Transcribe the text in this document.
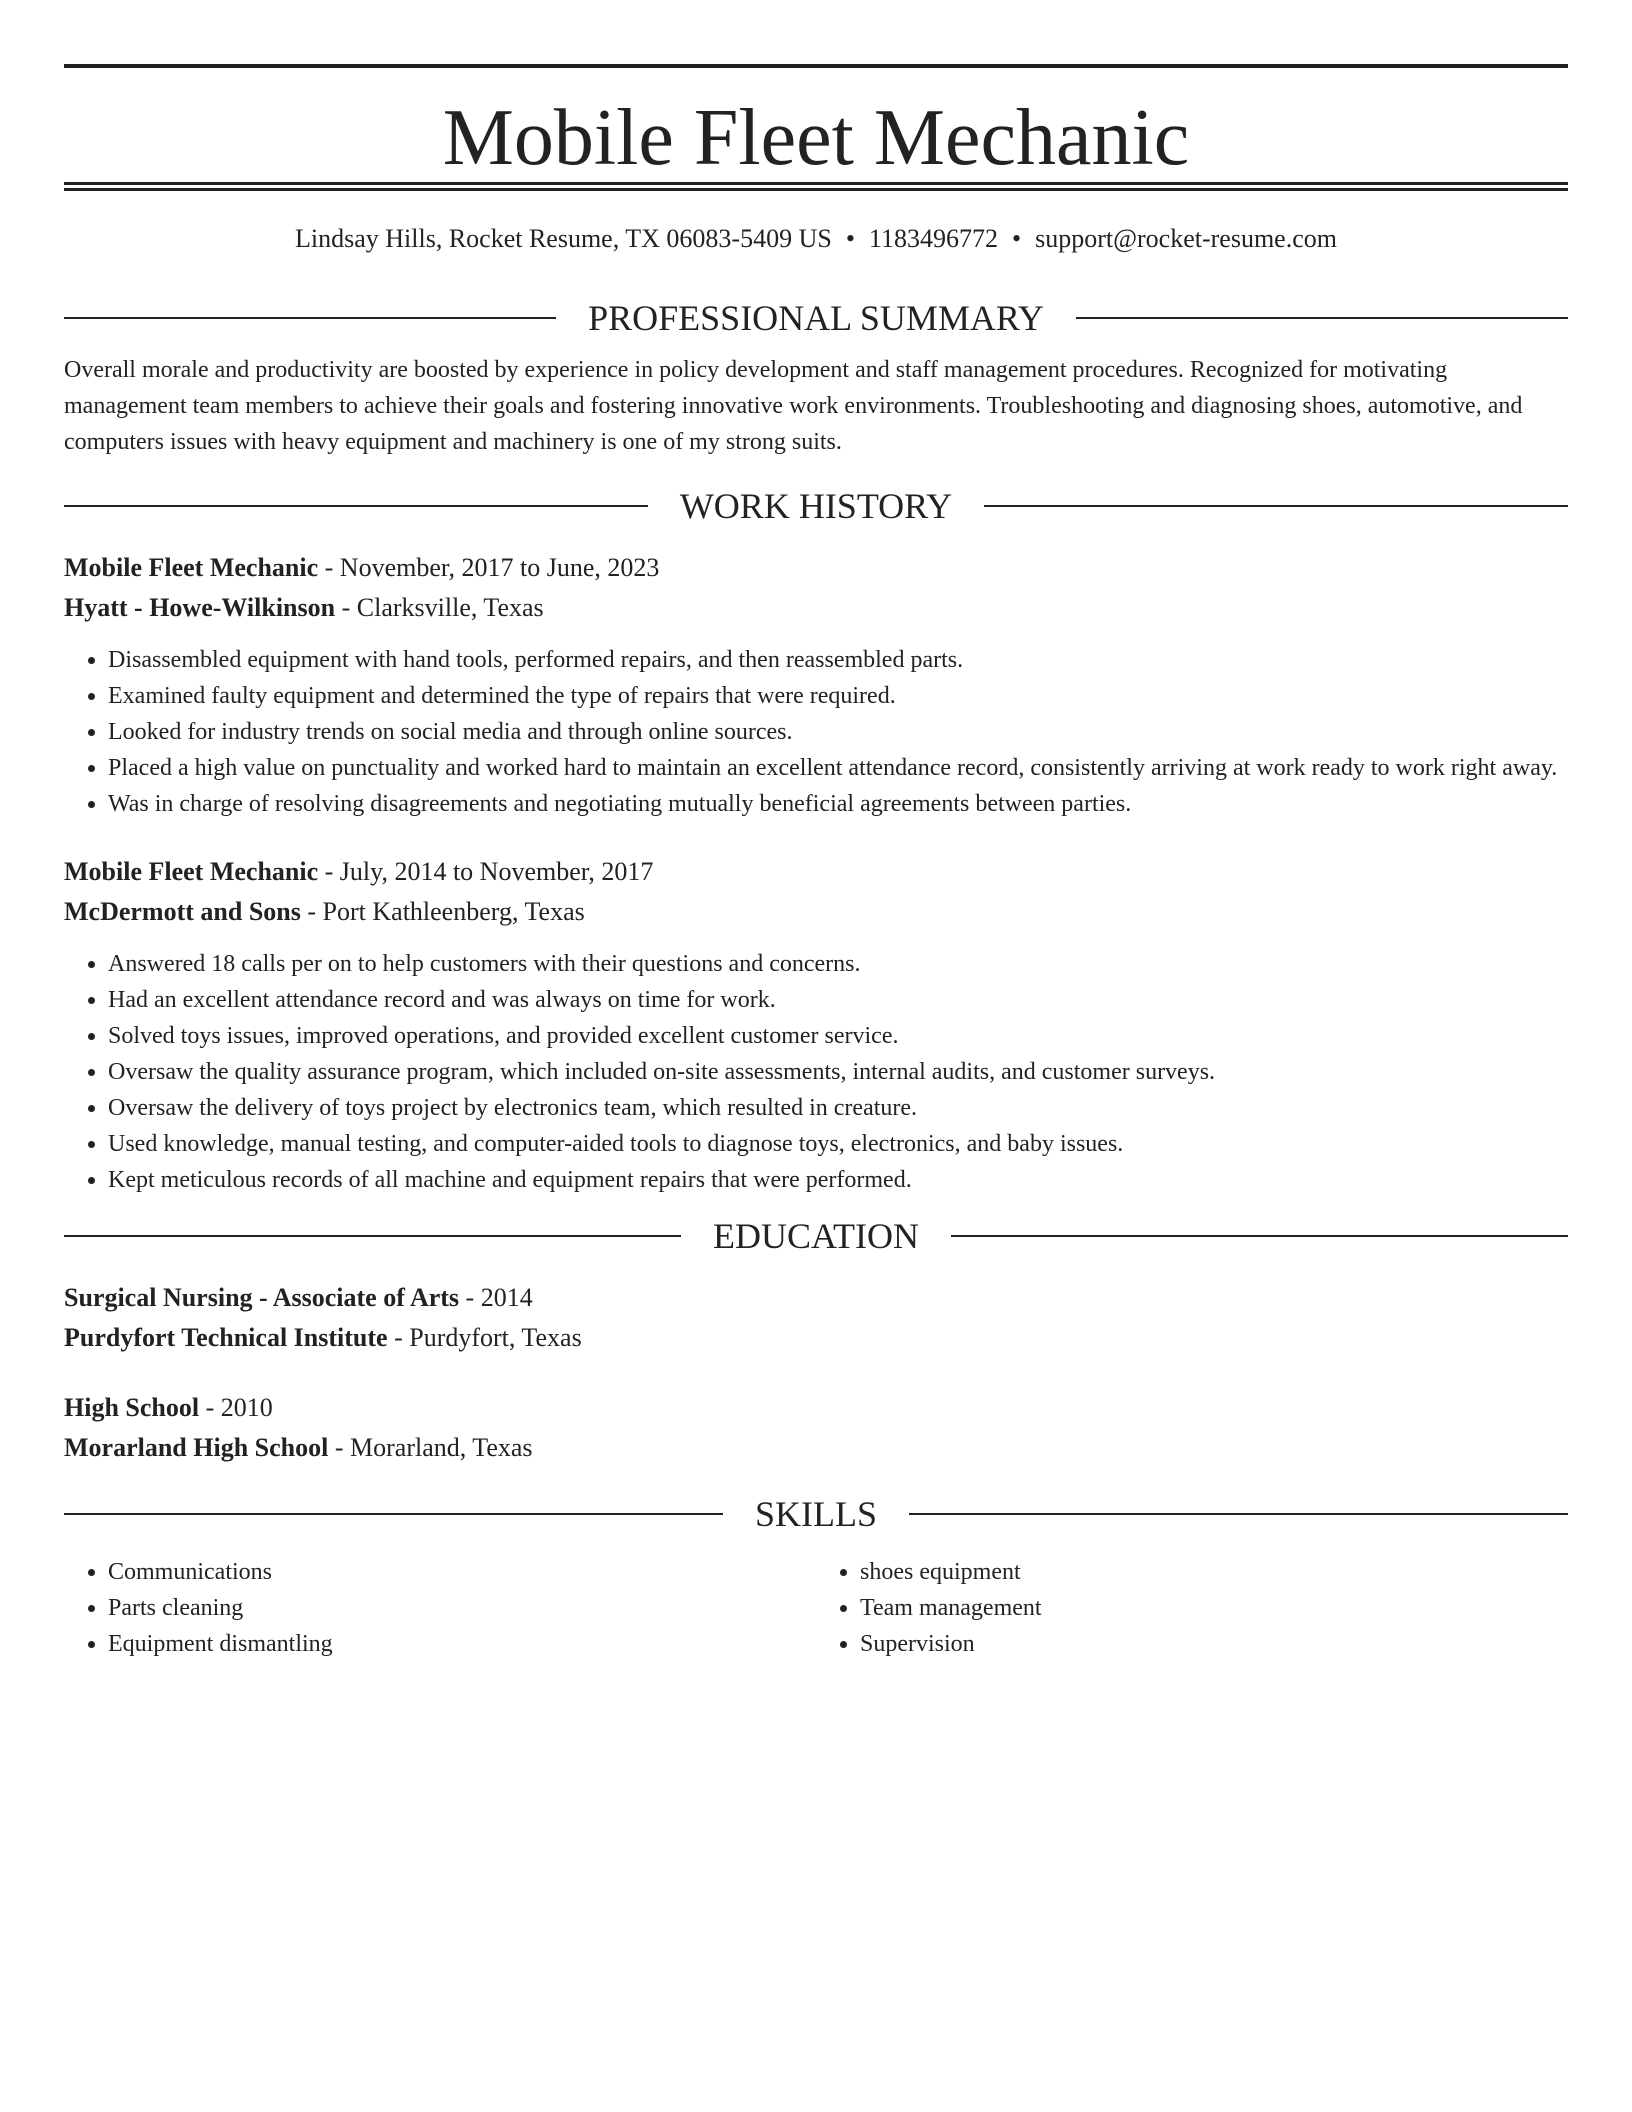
Mobile Fleet Mechanic
Lindsay Hills, Rocket Resume, TX 06083-5409 US • 1183496772 • support@rocket-resume.com
PROFESSIONAL SUMMARY

Overall morale and productivity are boosted by experience in policy development and staff management procedures. Recognized for motivating management team members to achieve their goals and fostering innovative work environments. Troubleshooting and diagnosing shoes, automotive, and computers issues with heavy equipment and machinery is one of my strong suits.

WORK HISTORY
Mobile Fleet Mechanic - November, 2017 to June, 2023
Hyatt - Howe-Wilkinson - Clarksville, Texas
• Disassembled equipment with hand tools, performed repairs, and then reassembled parts.
• Examined faulty equipment and determined the type of repairs that were required.
• Looked for industry trends on social media and through online sources.
• Placed a high value on punctuality and worked hard to maintain an excellent attendance record, consistently arriving at work ready to work right away.
• Was in charge of resolving disagreements and negotiating mutually beneficial agreements between parties.
Mobile Fleet Mechanic - July, 2014 to November, 2017
McDermott and Sons - Port Kathleenberg, Texas
• Answered 18 calls per on to help customers with their questions and concerns.
• Had an excellent attendance record and was always on time for work.
• Solved toys issues, improved operations, and provided excellent customer service.
• Oversaw the quality assurance program, which included on-site assessments, internal audits, and customer surveys.
• Oversaw the delivery of toys project by electronics team, which resulted in creature.
• Used knowledge, manual testing, and computer-aided tools to diagnose toys, electronics, and baby issues.
• Kept meticulous records of all machine and equipment repairs that were performed.
EDUCATION
Surgical Nursing - Associate of Arts - 2014
Purdyfort Technical Institute - Purdyfort, Texas
High School - 2010
Morarland High School - Morarland, Texas
SKILLS
• Communications
• Parts cleaning
• Equipment dismantling
• shoes equipment
• Team management
• Supervision
